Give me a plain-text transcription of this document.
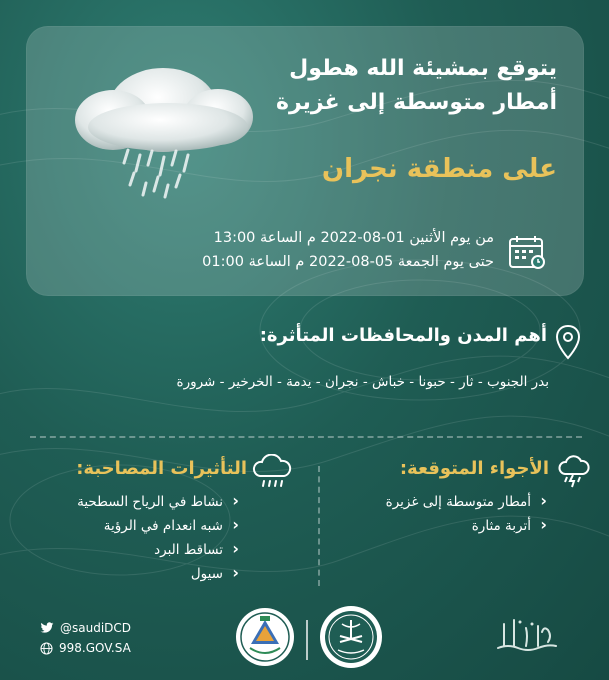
يتوقع بمشيئة الله هطول
أمطار متوسطة إلى غزيرة
على منطقة نجران
من يوم الأثنين 01-08-2022 م الساعة 13:00
حتى يوم الجمعة 05-08-2022 م الساعة 01:00
أهم المدن والمحافظات المتأثرة:
بدر الجنوب - ثار - حبونا - خباش - نجران - يدمة - الخرخير - شرورة
الأجواء المتوقعة:
‹ أمطار متوسطة إلى غزيرة
‹ أتربة مثارة
التأثيرات المصاحبة:
‹ نشاط في الرياح السطحية
‹ شبه انعدام في الرؤية
‹ تساقط البرد
‹ سيول
@saudiDCD
998.GOV.SA
